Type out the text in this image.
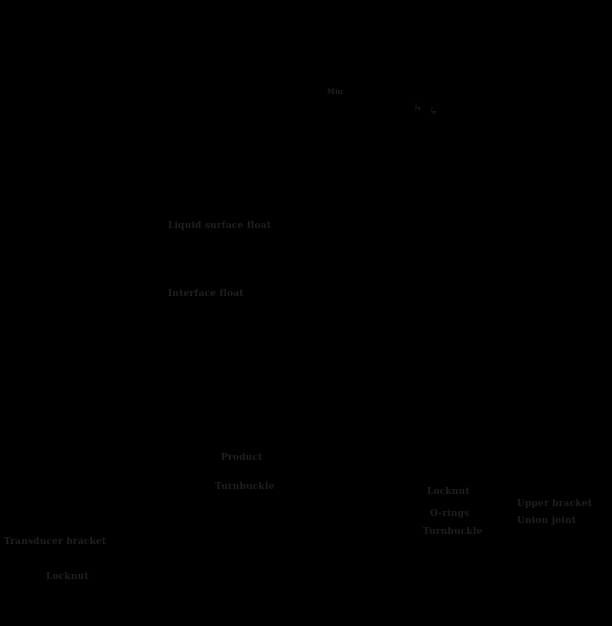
Min
2"
4"
Liquid surface float
Interface float
Product
Turnbuckle	Locknut
O-rings
Turnbuckle
Upper bracket
Union joint
Transducer bracket
Locknut
